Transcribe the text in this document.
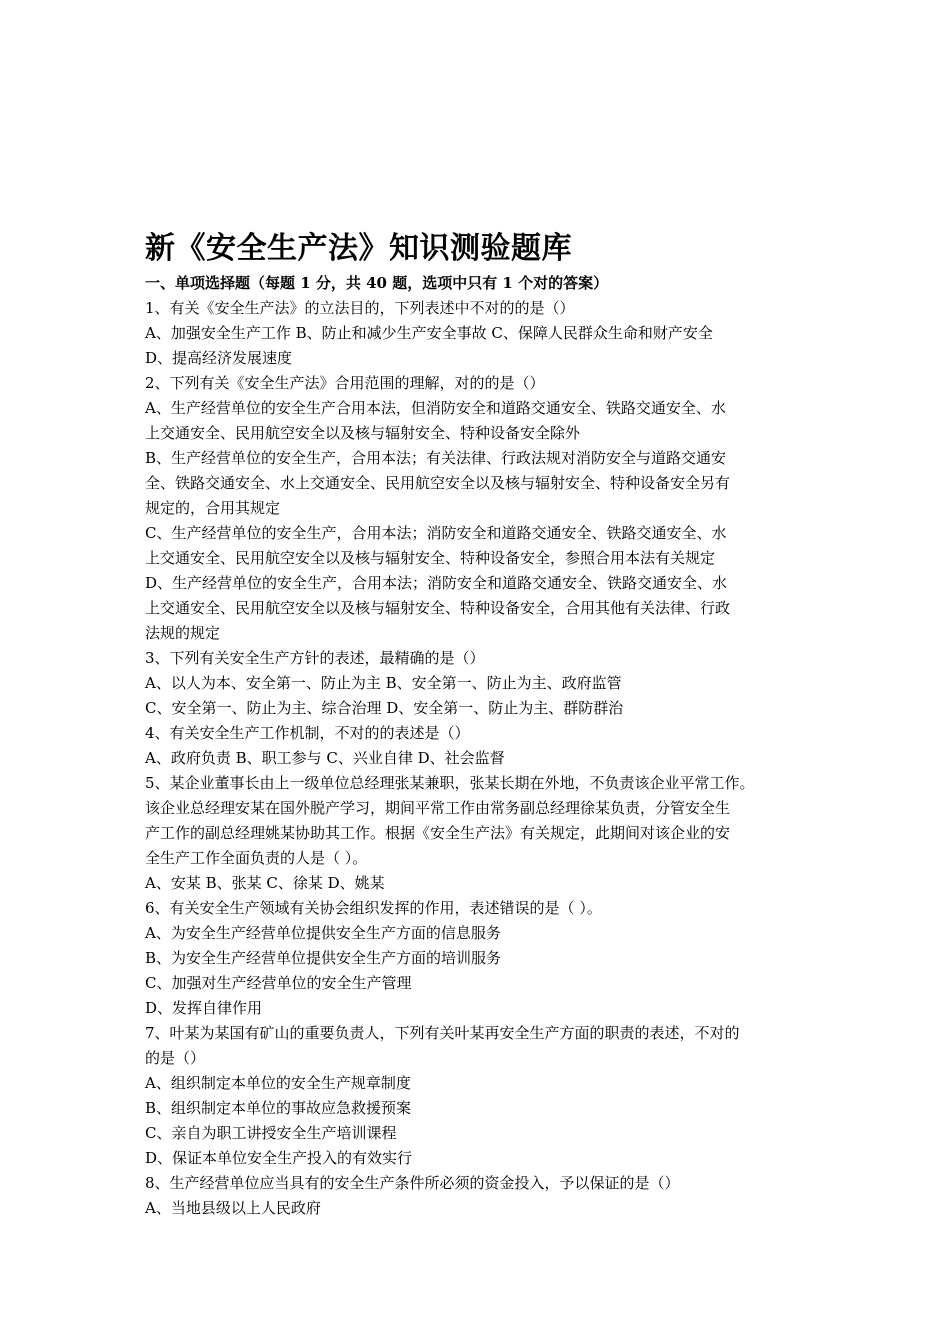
新《安全生产法》知识测验题库

一、单项选择题（每题 1 分，共 40 题，选项中只有 1 个对的答案）

1、有关《安全生产法》的立法目的，下列表述中不对的的是（）

A、加强安全生产工作 B、防止和减少生产安全事故 C、保障人民群众生命和财产安全

D、提高经济发展速度

2、下列有关《安全生产法》合用范围的理解，对的的是（）

A、生产经营单位的安全生产合用本法，但消防安全和道路交通安全、铁路交通安全、水

上交通安全、民用航空安全以及核与辐射安全、特种设备安全除外

B、生产经营单位的安全生产，合用本法；有关法律、行政法规对消防安全与道路交通安

全、铁路交通安全、水上交通安全、民用航空安全以及核与辐射安全、特种设备安全另有

规定的，合用其规定

C、生产经营单位的安全生产，合用本法；消防安全和道路交通安全、铁路交通安全、水

上交通安全、民用航空安全以及核与辐射安全、特种设备安全，参照合用本法有关规定

D、生产经营单位的安全生产，合用本法；消防安全和道路交通安全、铁路交通安全、水

上交通安全、民用航空安全以及核与辐射安全、特种设备安全，合用其他有关法律、行政

法规的规定

3、下列有关安全生产方针的表述，最精确的是（）

A、以人为本、安全第一、防止为主 B、安全第一、防止为主、政府监管

C、安全第一、防止为主、综合治理 D、安全第一、防止为主、群防群治

4、有关安全生产工作机制，不对的的表述是（）

A、政府负责 B、职工参与 C、兴业自律 D、社会监督

5、某企业董事长由上一级单位总经理张某兼职，张某长期在外地，不负责该企业平常工作。

该企业总经理安某在国外脱产学习，期间平常工作由常务副总经理徐某负责，分管安全生

产工作的副总经理姚某协助其工作。根据《安全生产法》有关规定，此期间对该企业的安

全生产工作全面负责的人是（ ）。

A、安某 B、张某 C、徐某 D、姚某

6、有关安全生产领域有关协会组织发挥的作用，表述错误的是（ ）。

A、为安全生产经营单位提供安全生产方面的信息服务

B、为安全生产经营单位提供安全生产方面的培训服务

C、加强对生产经营单位的安全生产管理

D、发挥自律作用

7、叶某为某国有矿山的重要负责人，下列有关叶某再安全生产方面的职责的表述，不对的

的是（）

A、组织制定本单位的安全生产规章制度

B、组织制定本单位的事故应急救援预案

C、亲自为职工讲授安全生产培训课程

D、保证本单位安全生产投入的有效实行

8、生产经营单位应当具有的安全生产条件所必须的资金投入，予以保证的是（）

A、当地县级以上人民政府
